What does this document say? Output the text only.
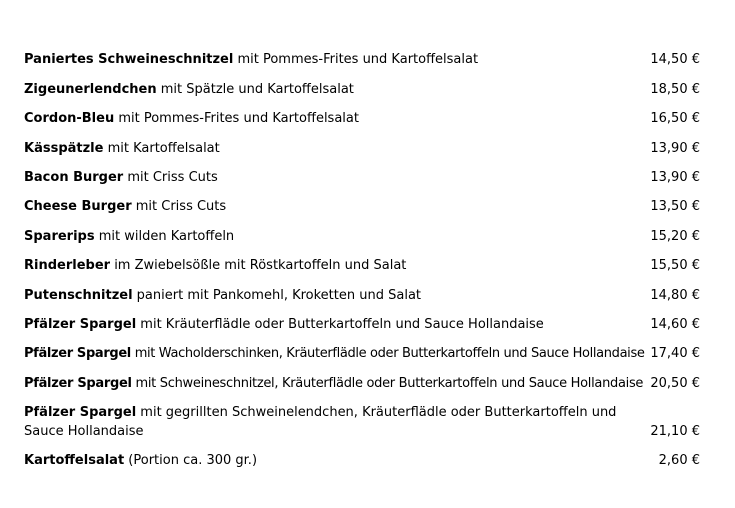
Paniertes Schweineschnitzel mit Pommes-Frites und Kartoffelsalat	14,50 €
Zigeunerlendchen mit Spätzle und Kartoffelsalat	18,50 €
Cordon-Bleu mit Pommes-Frites und Kartoffelsalat	16,50 €
Kässpätzle mit Kartoffelsalat	13,90 €
Bacon Burger mit Criss Cuts	13,90 €
Cheese Burger mit Criss Cuts	13,50 €
Sparerips mit wilden Kartoffeln	15,20 €
Rinderleber im Zwiebelsößle mit Röstkartoffeln und Salat	15,50 €
Putenschnitzel paniert mit Pankomehl, Kroketten und Salat	14,80 €
Pfälzer Spargel mit Kräuterflädle oder Butterkartoffeln und Sauce Hollandaise	14,60 €
Pfälzer Spargel mit Wacholderschinken, Kräuterflädle oder Butterkartoffeln und Sauce Hollandaise 17,40 €
Pfälzer Spargel mit Schweineschnitzel, Kräuterflädle oder Butterkartoffeln und Sauce Hollandaise 20,50 €
Pfälzer Spargel mit gegrillten Schweinelendchen, Kräuterflädle oder Butterkartoffeln und Sauce Hollandaise	21,10 €
Kartoffelsalat (Portion ca. 300 gr.)	2,60 €
